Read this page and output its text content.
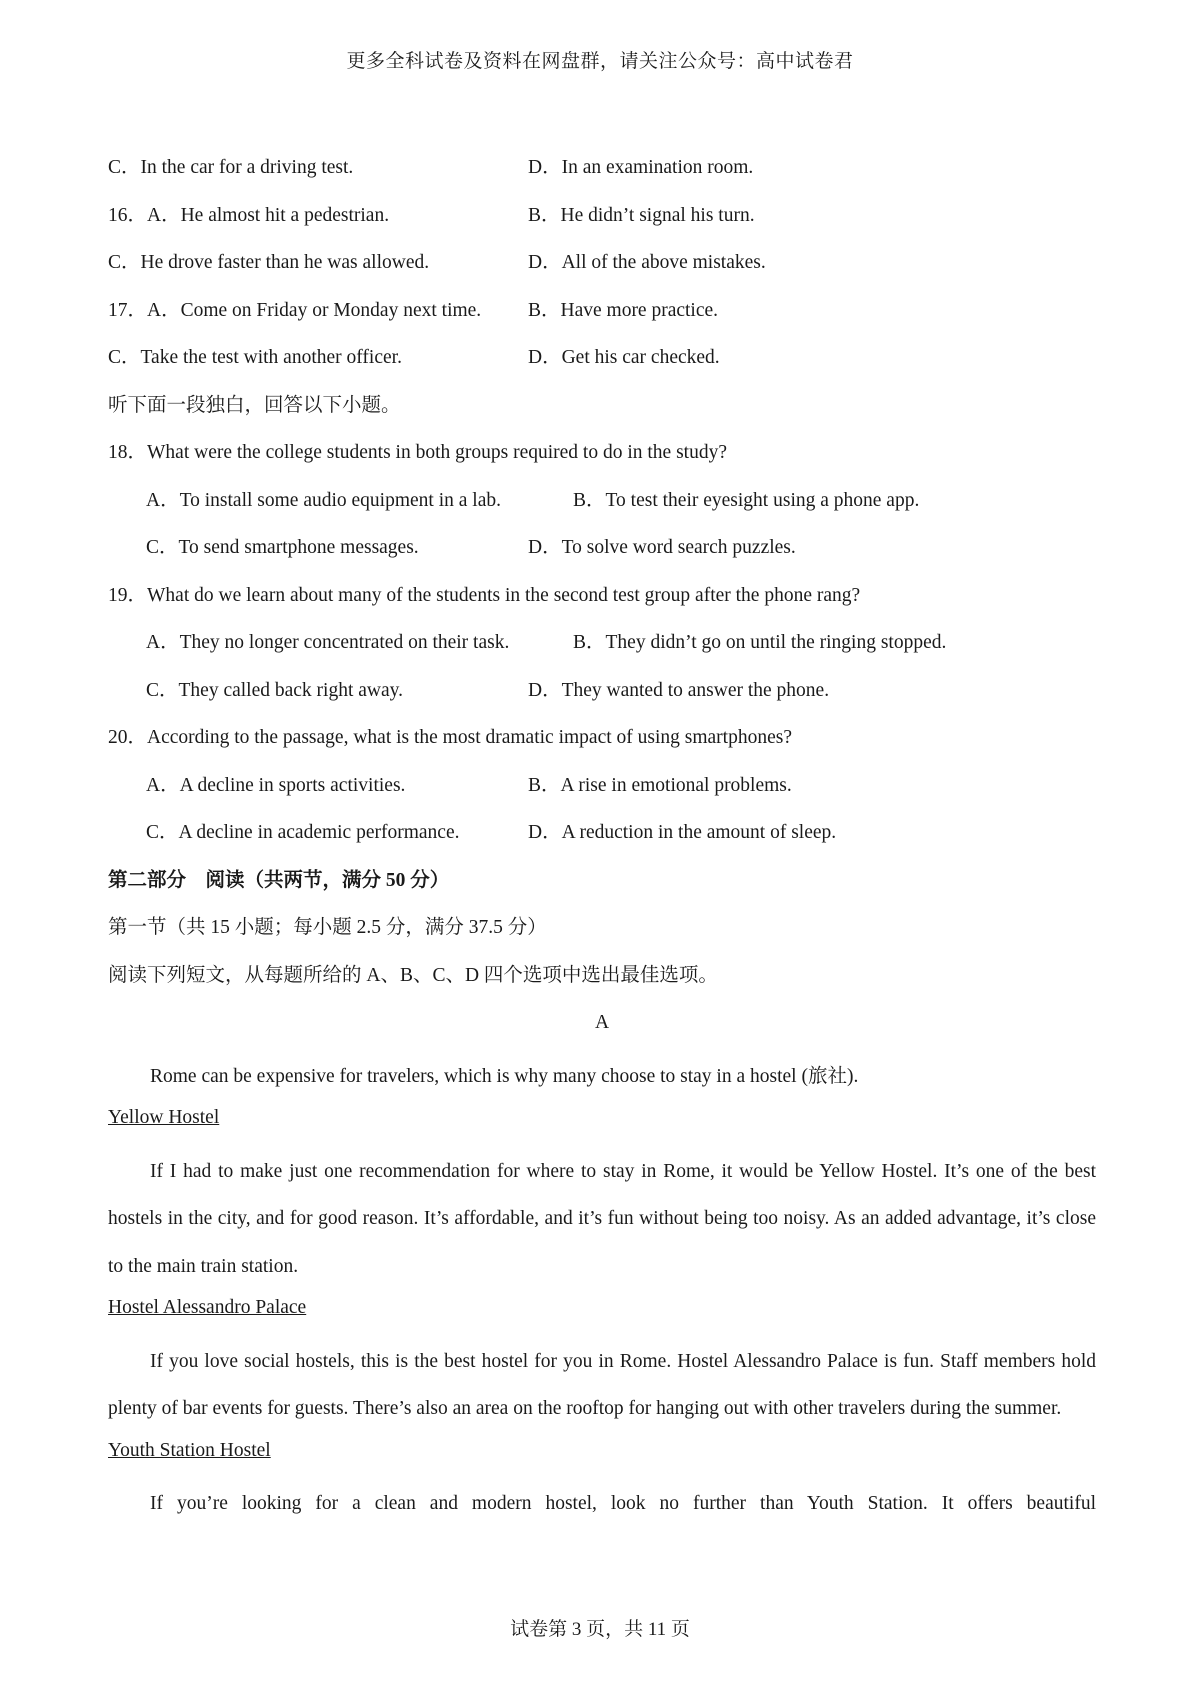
更多全科试卷及资料在网盘群，请关注公众号：高中试卷君
C．In the car for a driving test.	D．In an examination room.
16．A．He almost hit a pedestrian.	B．He didn’t signal his turn.
C．He drove faster than he was allowed.	D．All of the above mistakes.
17．A．Come on Friday or Monday next time. B．Have more practice.
C．Take the test with another officer.	D．Get his car checked.
听下面一段独白，回答以下小题。
18．What were the college students in both groups required to do in the study?
A．To install some audio equipment in a lab.	B．To test their eyesight using a phone app.
C．To send smartphone messages.	D．To solve word search puzzles.
19．What do we learn about many of the students in the second test group after the phone rang?
A．They no longer concentrated on their task.	B．They didn’t go on until the ringing stopped.
C．They called back right away.	D．They wanted to answer the phone.
20．According to the passage, what is the most dramatic impact of using smartphones?
A．A decline in sports activities.	B．A rise in emotional problems.
C．A decline in academic performance.	D．A reduction in the amount of sleep.
第二部分　阅读（共两节，满分 50 分）
第一节（共 15 小题；每小题 2.5 分，满分 37.5 分）
阅读下列短文，从每题所给的 A、B、C、D 四个选项中选出最佳选项。
A

Rome can be expensive for travelers, which is why many choose to stay in a hostel (旅社).

Yellow Hostel

If I had to make just one recommendation for where to stay in Rome, it would be Yellow Hostel. It’s one of the best hostels in the city, and for good reason. It’s affordable, and it’s fun without being too noisy. As an added advantage, it’s close to the main train station.

Hostel Alessandro Palace

If you love social hostels, this is the best hostel for you in Rome. Hostel Alessandro Palace is fun. Staff members hold plenty of bar events for guests. There’s also an area on the rooftop for hanging out with other travelers during the summer.

Youth Station Hostel

If you’re looking for a clean and modern hostel, look no further than Youth Station. It offers beautiful

试卷第 3 页，共 11 页
